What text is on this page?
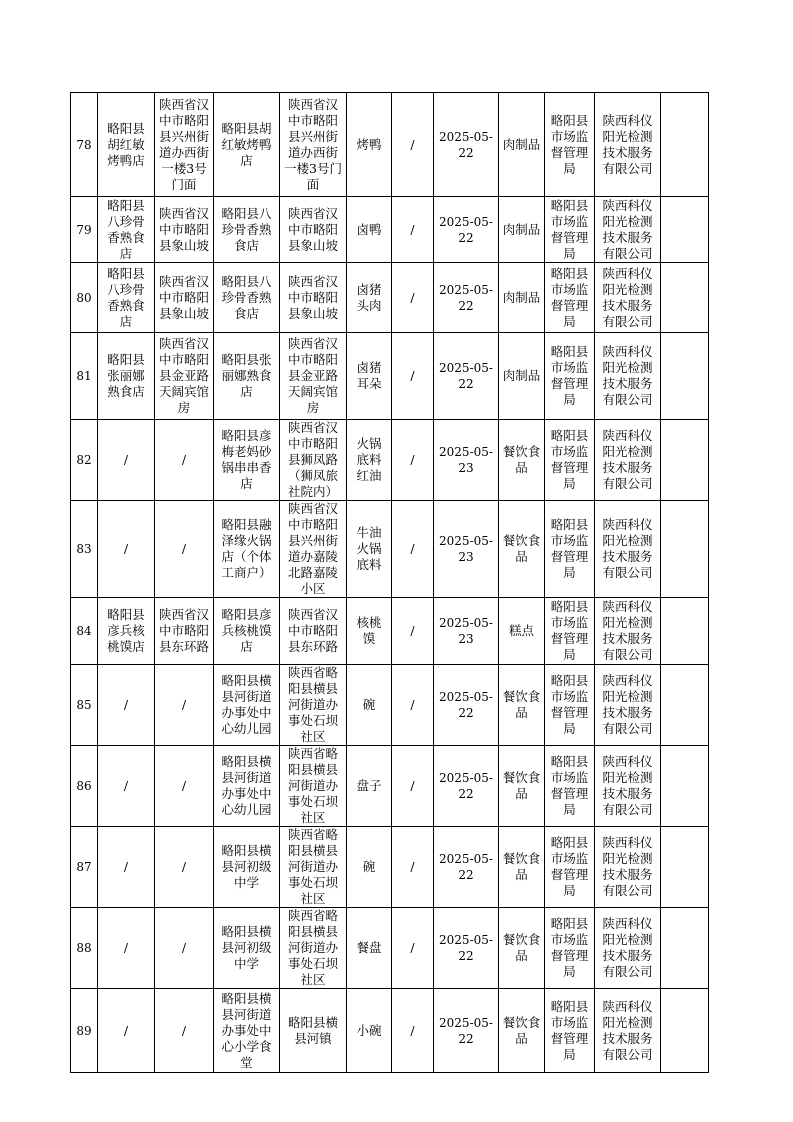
78	略阳县胡红敏烤鸭店	陕西省汉中市略阳县兴州街道办西街一楼3号门面	略阳县胡红敏烤鸭店	陕西省汉中市略阳县兴州街道办西街一楼3号门面	烤鸭	/	2025-05-22	肉制品	略阳县市场监督管理局	陕西科仪阳光检测技术服务有限公司	

79	略阳县八珍骨香熟食店	陕西省汉中市略阳县象山坡	略阳县八珍骨香熟食店	陕西省汉中市略阳县象山坡	卤鸭	/	2025-05-22	肉制品	略阳县市场监督管理局	陕西科仪阳光检测技术服务有限公司	

80	略阳县八珍骨香熟食店	陕西省汉中市略阳县象山坡	略阳县八珍骨香熟食店	陕西省汉中市略阳县象山坡	卤猪头肉	/	2025-05-22	肉制品	略阳县市场监督管理局	陕西科仪阳光检测技术服务有限公司	

81	略阳县张丽娜熟食店	陕西省汉中市略阳县金亚路天阔宾馆房	略阳县张丽娜熟食店	陕西省汉中市略阳县金亚路天阔宾馆房	卤猪耳朵	/	2025-05-22	肉制品	略阳县市场监督管理局	陕西科仪阳光检测技术服务有限公司	

82	/	/	略阳县彦梅老妈砂锅串串香店	陕西省汉中市略阳县狮凤路（狮凤旅社院内）	火锅底料红油	/	2025-05-23	餐饮食品	略阳县市场监督管理局	陕西科仪阳光检测技术服务有限公司	

83	/	/	略阳县融泽缘火锅店（个体工商户）	陕西省汉中市略阳县兴州街道办嘉陵北路嘉陵小区	牛油火锅底料	/	2025-05-23	餐饮食品	略阳县市场监督管理局	陕西科仪阳光检测技术服务有限公司	

84	略阳县彦兵核桃馍店	陕西省汉中市略阳县东环路	略阳县彦兵核桃馍店	陕西省汉中市略阳县东环路	核桃馍	/	2025-05-23	糕点	略阳县市场监督管理局	陕西科仪阳光检测技术服务有限公司	

85	/	/	略阳县横县河街道办事处中心幼儿园	陕西省略阳县横县河街道办事处石坝社区	碗	/	2025-05-22	餐饮食品	略阳县市场监督管理局	陕西科仪阳光检测技术服务有限公司	

86	/	/	略阳县横县河街道办事处中心幼儿园	陕西省略阳县横县河街道办事处石坝社区	盘子	/	2025-05-22	餐饮食品	略阳县市场监督管理局	陕西科仪阳光检测技术服务有限公司	

87	/	/	略阳县横县河初级中学	陕西省略阳县横县河街道办事处石坝社区	碗	/	2025-05-22	餐饮食品	略阳县市场监督管理局	陕西科仪阳光检测技术服务有限公司	

88	/	/	略阳县横县河初级中学	陕西省略阳县横县河街道办事处石坝社区	餐盘	/	2025-05-22	餐饮食品	略阳县市场监督管理局	陕西科仪阳光检测技术服务有限公司	

89	/	/	略阳县横县河街道办事处中心小学食堂	略阳县横县河镇	小碗	/	2025-05-22	餐饮食品	略阳县市场监督管理局	陕西科仪阳光检测技术服务有限公司	
